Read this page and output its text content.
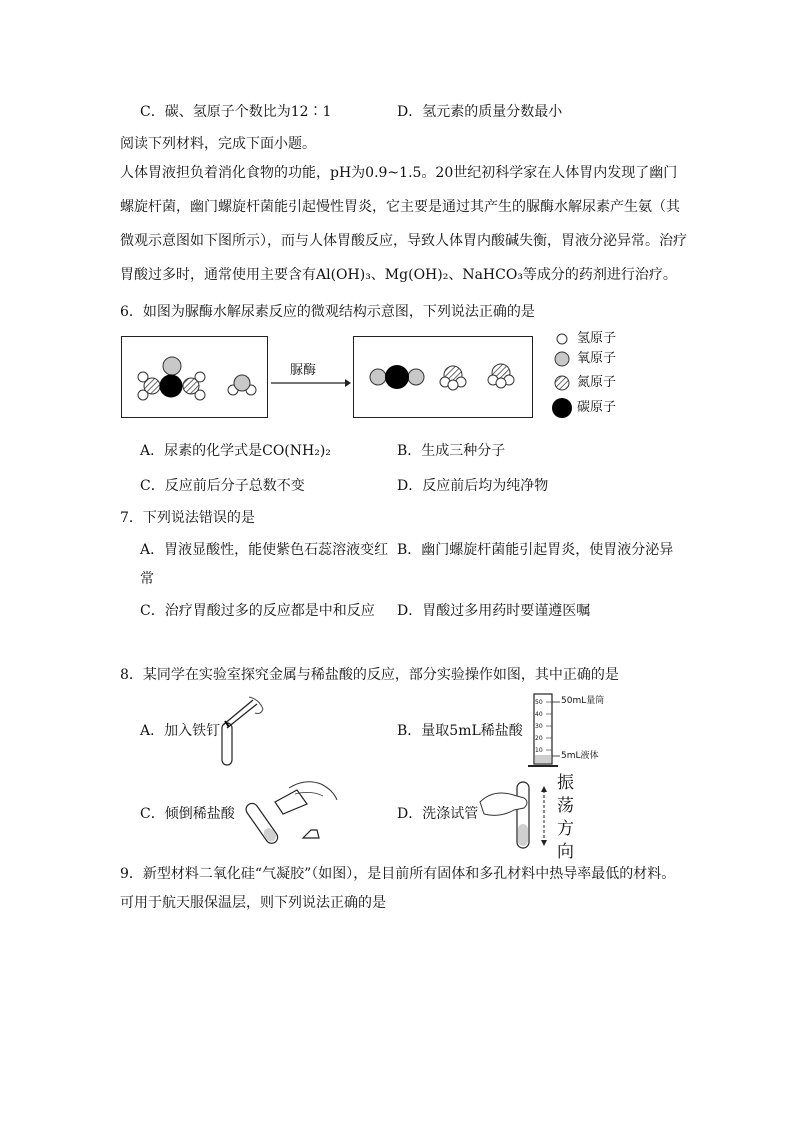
C．碳、氢原子个数比为12∶1	D．氢元素的质量分数最小
阅读下列材料，完成下面小题。
人体胃液担负着消化食物的功能，pH为0.9~1.5。20世纪初科学家在人体胃内发现了幽门螺旋杆菌，幽门螺旋杆菌能引起慢性胃炎，它主要是通过其产生的脲酶水解尿素产生氨（其微观示意图如下图所示），而与人体胃酸反应，导致人体胃内酸碱失衡，胃液分泌异常。治疗胃酸过多时，通常使用主要含有Al(OH)₃、Mg(OH)₂、NaHCO₃等成分的药剂进行治疗。
6．如图为脲酶水解尿素反应的微观结构示意图，下列说法正确的是
脲酶
氢原子
氧原子
氮原子
碳原子
A．尿素的化学式是CO(NH₂)₂	B．生成三种分子
C．反应前后分子总数不变	D．反应前后均为纯净物
7．下列说法错误的是
A．胃液显酸性，能使紫色石蕊溶液变红 B．幽门螺旋杆菌能引起胃炎，使胃液分泌异
常
C．治疗胃酸过多的反应都是中和反应 D．胃酸过多用药时要谨遵医嘱
8．某同学在实验室探究金属与稀盐酸的反应，部分实验操作如图，其中正确的是
A．加入铁钉	B．量取5mL稀盐酸
50
40
30
20
10
50mL量筒
5mL液体
C．倾倒稀盐酸	D．洗涤试管
振
荡
方
向
9．新型材料二氧化硅“气凝胶”（如图），是目前所有固体和多孔材料中热导率最低的材料。
可用于航天服保温层，则下列说法正确的是
